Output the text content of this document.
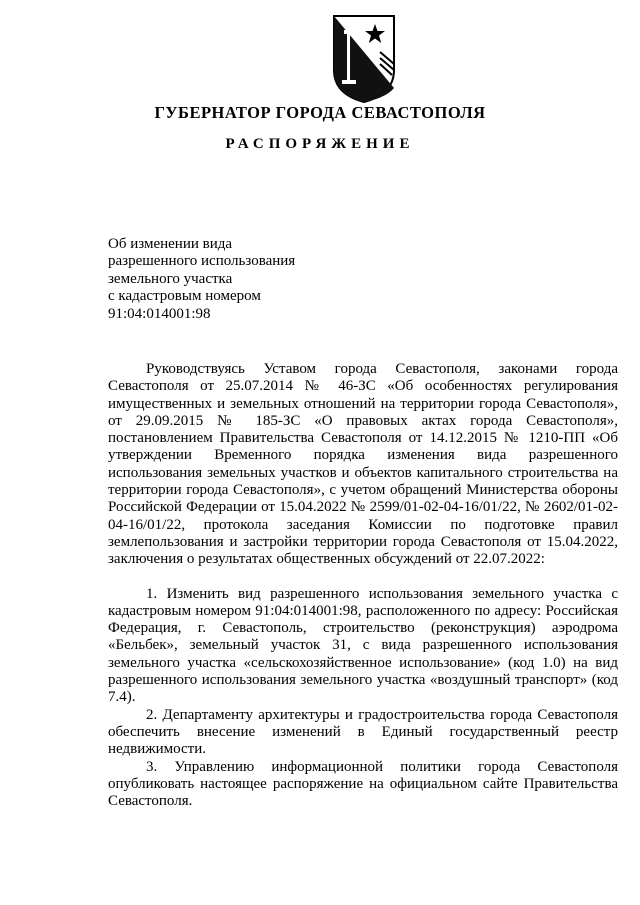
ГУБЕРНАТОР ГОРОДА СЕВАСТОПОЛЯ
РАСПОРЯЖЕНИЕ
Об изменении вида
разрешенного использования
земельного участка
с кадастровым номером
91:04:014001:98

Руководствуясь Уставом города Севастополя, законами города Севастополя от 25.07.2014 № 46-ЗС «Об особенностях регулирования имущественных и земельных отношений на территории города Севастополя», от 29.09.2015 № 185-ЗС «О правовых актах города Севастополя», постановлением Правительства Севастополя от 14.12.2015 № 1210-ПП «Об утверждении Временного порядка изменения вида разрешенного использования земельных участков и объектов капитального строительства на территории города Севастополя», с учетом обращений Министерства обороны Российской Федерации от 15.04.2022 № 2599/01-02-04-16/01/22, № 2602/01-02-04-16/01/22, протокола заседания Комиссии по подготовке правил землепользования и застройки территории города Севастополя от 15.04.2022, заключения о результатах общественных обсуждений от 22.07.2022:

1. Изменить вид разрешенного использования земельного участка с кадастровым номером 91:04:014001:98, расположенного по адресу: Российская Федерация, г. Севастополь, строительство (реконструкция) аэродрома «Бельбек», земельный участок 31, с вида разрешенного использования земельного участка «сельскохозяйственное использование» (код 1.0) на вид разрешенного использования земельного участка «воздушный транспорт» (код 7.4).

2. Департаменту архитектуры и градостроительства города Севастополя обеспечить внесение изменений в Единый государственный реестр недвижимости.

3. Управлению информационной политики города Севастополя опубликовать настоящее распоряжение на официальном сайте Правительства Севастополя.
